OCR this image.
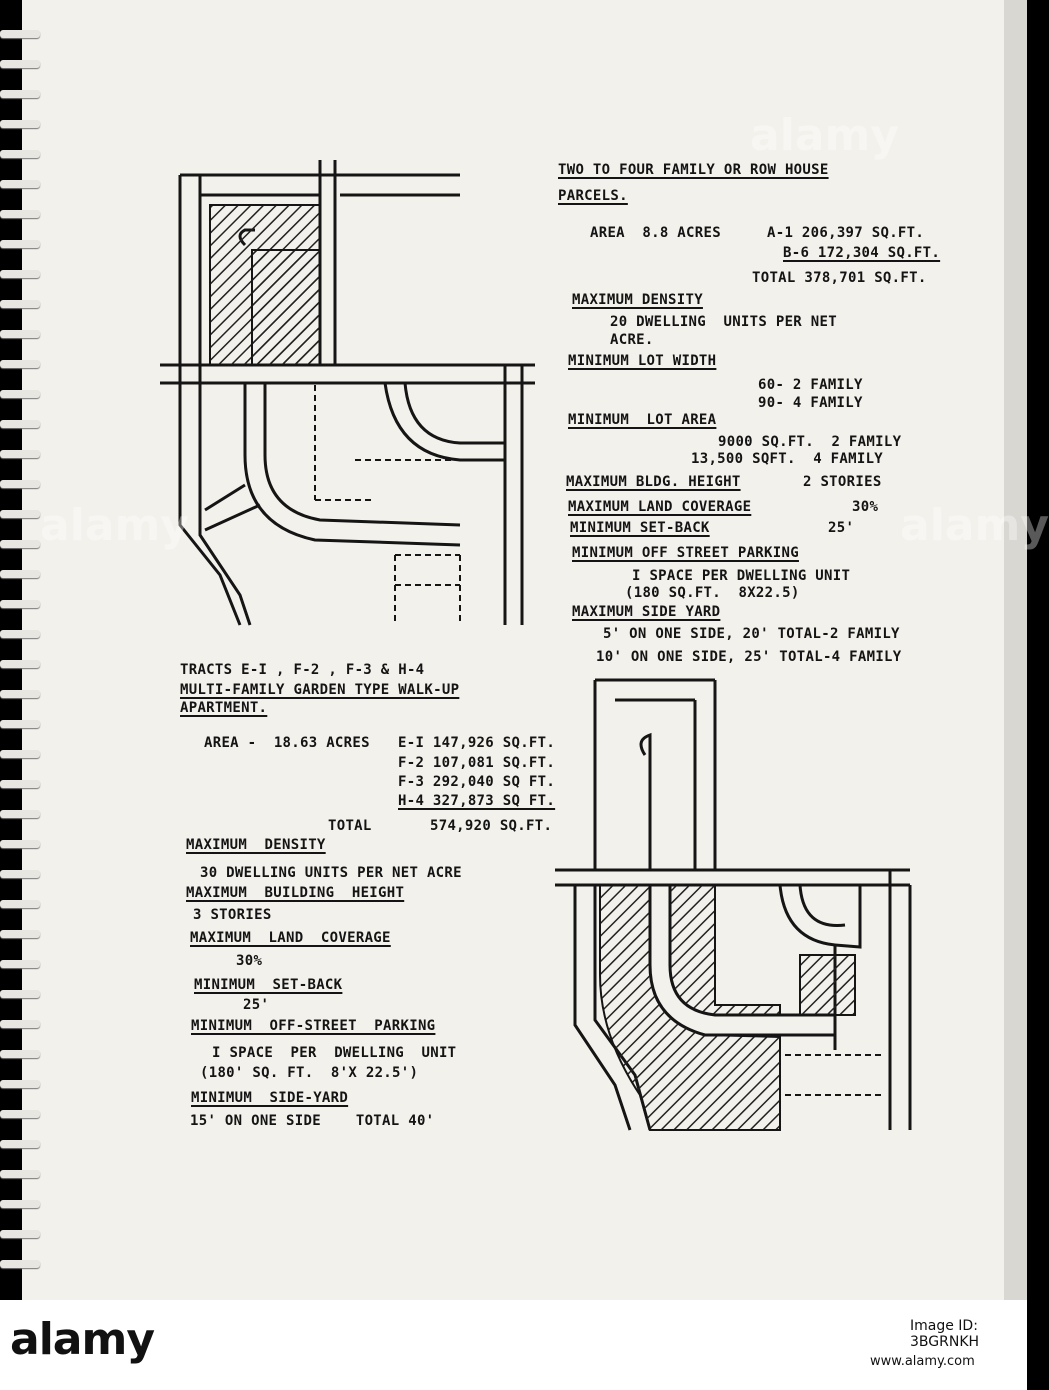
TWO TO FOUR FAMILY OR ROW HOUSE
PARCELS.
AREA  8.8 ACRES	A-1 206,397 SQ.FT.
B-6 172,304 SQ.FT.
TOTAL 378,701 SQ.FT.
MAXIMUM DENSITY
20 DWELLING  UNITS PER NET
ACRE.
MINIMUM LOT WIDTH
60- 2 FAMILY
90- 4 FAMILY
MINIMUM  LOT AREA
9000 SQ.FT.  2 FAMILY
13,500 SQFT.  4 FAMILY
MAXIMUM BLDG. HEIGHT	2 STORIES
MAXIMUM LAND COVERAGE	30%
MINIMUM SET-BACK	25'
MINIMUM OFF STREET PARKING
I SPACE PER DWELLING UNIT
(180 SQ.FT.  8X22.5)
MAXIMUM SIDE YARD
5' ON ONE SIDE, 20' TOTAL-2 FAMILY
10' ON ONE SIDE, 25' TOTAL-4 FAMILY
TRACTS E-I , F-2 , F-3 & H-4
MULTI-FAMILY GARDEN TYPE WALK-UP
APARTMENT.
AREA -  18.63 ACRES E-I 147,926 SQ.FT.
F-2 107,081 SQ.FT.
F-3 292,040 SQ FT.
H-4 327,873 SQ FT.
TOTAL	574,920 SQ.FT.
MAXIMUM  DENSITY
30 DWELLING UNITS PER NET ACRE
MAXIMUM  BUILDING  HEIGHT
3 STORIES
MAXIMUM  LAND  COVERAGE
30%
MINIMUM  SET-BACK
25'
MINIMUM  OFF-STREET  PARKING
I SPACE  PER  DWELLING  UNIT
(180' SQ. FT.  8'X 22.5')
MINIMUM  SIDE-YARD
15' ON ONE SIDE    TOTAL 40'
alamy
alamy	alamy
alamy	Image ID: 3BGRNKH
www.alamy.com
